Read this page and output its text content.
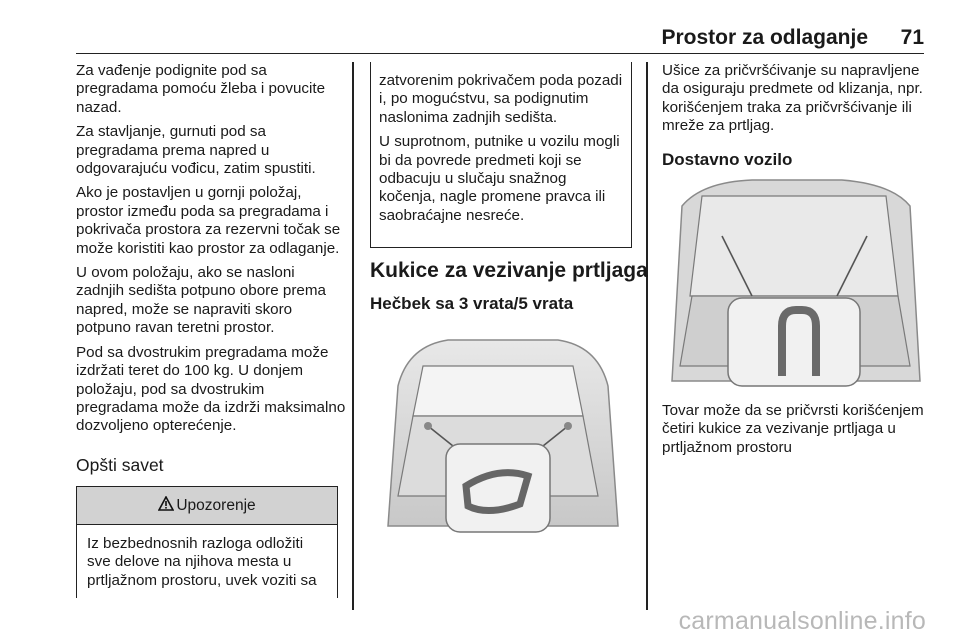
Prostor za odlaganje 71

Za vađenje podignite pod sa pregradama pomoću žleba i povucite nazad.

Za stavljanje, gurnuti pod sa pregradama prema napred u odgovarajuću vođicu, zatim spustiti.

Ako je postavljen u gornji položaj, prostor između poda sa pregradama i pokrivača prostora za rezervni točak se može koristiti kao prostor za odlaganje.

U ovom položaju, ako se nasloni zadnjih sedišta potpuno obore prema napred, može se napraviti skoro potpuno ravan teretni prostor.

Pod sa dvostrukim pregradama može izdržati teret do 100 kg. U donjem položaju, pod sa dvostrukim pregradama može da izdrži maksimalno dozvoljeno opterećenje.

Opšti savet
Upozorenje

Iz bezbednosnih razloga odložiti sve delove na njihova mesta u prtljažnom prostoru, uvek voziti sa

zatvorenim pokrivačem poda pozadi i, po mogućstvu, sa podignutim naslonima zadnjih sedišta.

U suprotnom, putnike u vozilu mogli bi da povrede predmeti koji se odbacuju u slučaju snažnog kočenja, nagle promene pravca ili saobraćajne nesreće.

Kukice za vezivanje prtljaga
Hečbek sa 3 vrata/5 vrata

Ušice za pričvršćivanje su napravljene da osiguraju predmete od klizanja, npr. korišćenjem traka za pričvršćivanje ili mreže za prtljag.

Dostavno vozilo

Tovar može da se pričvrsti korišćenjem četiri kukice za vezivanje prtljaga u prtljažnom prostoru

carmanualsonline.info
